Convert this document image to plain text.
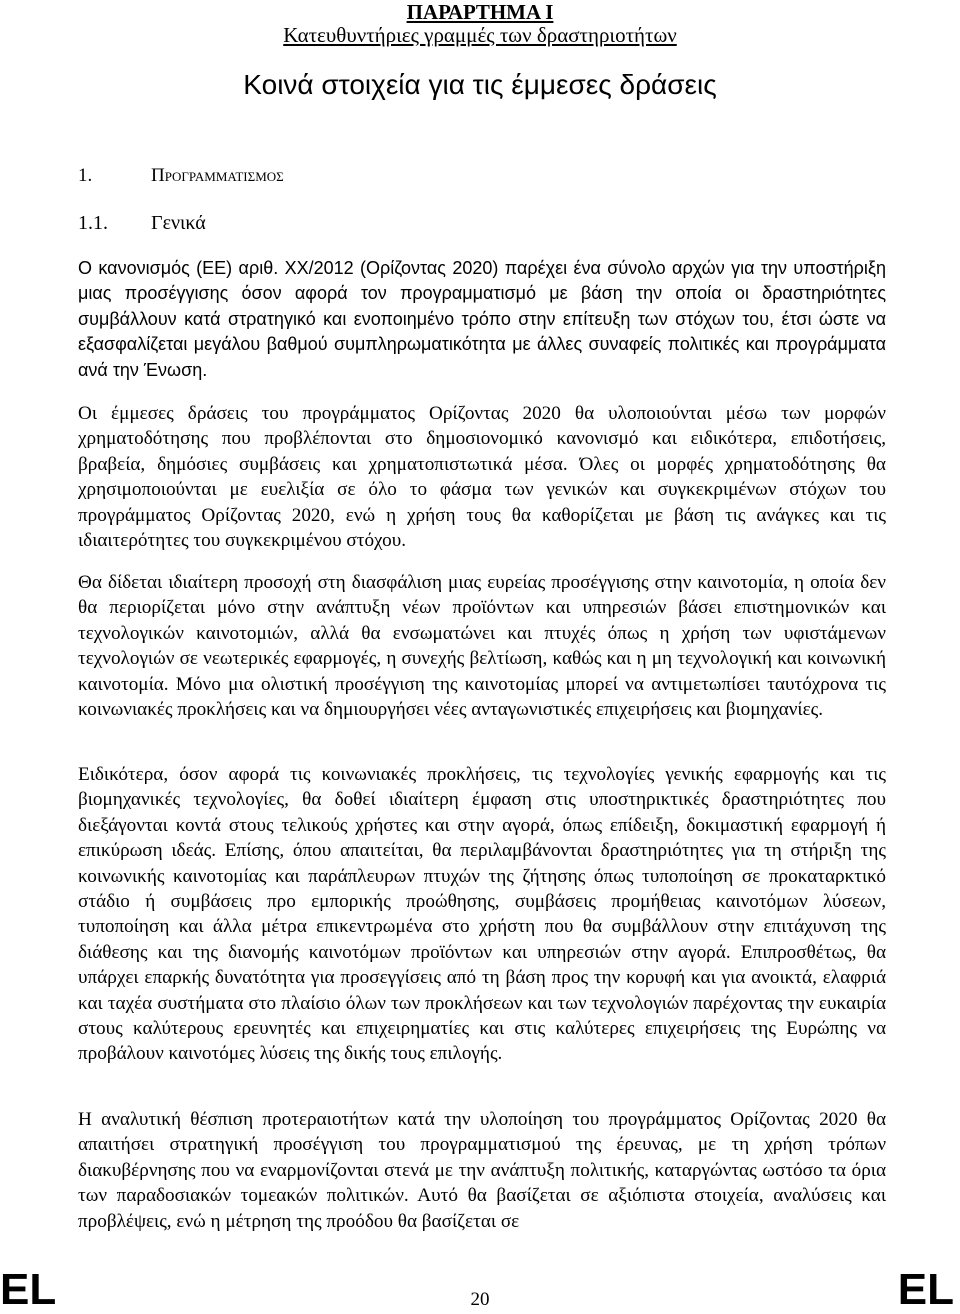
ΠΑΡΑΡΤΗΜΑ I
Κατευθυντήριες γραμμές των δραστηριοτήτων
Κοινά στοιχεία για τις έμμεσες δράσεις
1.	Προγραμματισμος
1.1. Γενικά

Ο κανονισμός (ΕΕ) αριθ. XX/2012 (Ορίζοντας 2020) παρέχει ένα σύνολο αρχών για την υποστήριξη μιας προσέγγισης όσον αφορά τον προγραμματισμό με βάση την οποία οι δραστηριότητες συμβάλλουν κατά στρατηγικό και ενοποιημένο τρόπο στην επίτευξη των στόχων του, έτσι ώστε να εξασφαλίζεται μεγάλου βαθμού συμπληρωματικότητα με άλλες συναφείς πολιτικές και προγράμματα ανά την Ένωση.

Οι έμμεσες δράσεις του προγράμματος Ορίζοντας 2020 θα υλοποιούνται μέσω των μορφών χρηματοδότησης που προβλέπονται στο δημοσιονομικό κανονισμό και ειδικότερα, επιδοτήσεις, βραβεία, δημόσιες συμβάσεις και χρηματοπιστωτικά μέσα. Όλες οι μορφές χρηματοδότησης θα χρησιμοποιούνται με ευελιξία σε όλο το φάσμα των γενικών και συγκεκριμένων στόχων του προγράμματος Ορίζοντας 2020, ενώ η χρήση τους θα καθορίζεται με βάση τις ανάγκες και τις ιδιαιτερότητες του συγκεκριμένου στόχου.

Θα δίδεται ιδιαίτερη προσοχή στη διασφάλιση μιας ευρείας προσέγγισης στην καινοτομία, η οποία δεν θα περιορίζεται μόνο στην ανάπτυξη νέων προϊόντων και υπηρεσιών βάσει επιστημονικών και τεχνολογικών καινοτομιών, αλλά θα ενσωματώνει και πτυχές όπως η χρήση των υφιστάμενων τεχνολογιών σε νεωτερικές εφαρμογές, η συνεχής βελτίωση, καθώς και η μη τεχνολογική και κοινωνική καινοτομία. Μόνο μια ολιστική προσέγγιση της καινοτομίας μπορεί να αντιμετωπίσει ταυτόχρονα τις κοινωνιακές προκλήσεις και να δημιουργήσει νέες ανταγωνιστικές επιχειρήσεις και βιομηχανίες.

Ειδικότερα, όσον αφορά τις κοινωνιακές προκλήσεις, τις τεχνολογίες γενικής εφαρμογής και τις βιομηχανικές τεχνολογίες, θα δοθεί ιδιαίτερη έμφαση στις υποστηρικτικές δραστηριότητες που διεξάγονται κοντά στους τελικούς χρήστες και στην αγορά, όπως επίδειξη, δοκιμαστική εφαρμογή ή επικύρωση ιδεάς. Επίσης, όπου απαιτείται, θα περιλαμβάνονται δραστηριότητες για τη στήριξη της κοινωνικής καινοτομίας και παράπλευρων πτυχών της ζήτησης όπως τυποποίηση σε προκαταρκτικό στάδιο ή συμβάσεις προ εμπορικής προώθησης, συμβάσεις προμήθειας καινοτόμων λύσεων, τυποποίηση και άλλα μέτρα επικεντρωμένα στο χρήστη που θα συμβάλλουν στην επιτάχυνση της διάθεσης και της διανομής καινοτόμων προϊόντων και υπηρεσιών στην αγορά. Επιπροσθέτως, θα υπάρχει επαρκής δυνατότητα για προσεγγίσεις από τη βάση προς την κορυφή και για ανοικτά, ελαφριά και ταχέα συστήματα στο πλαίσιο όλων των προκλήσεων και των τεχνολογιών παρέχοντας την ευκαιρία στους καλύτερους ερευνητές και επιχειρηματίες και στις καλύτερες επιχειρήσεις της Ευρώπης να προβάλουν καινοτόμες λύσεις της δικής τους επιλογής.

Η αναλυτική θέσπιση προτεραιοτήτων κατά την υλοποίηση του προγράμματος Ορίζοντας 2020 θα απαιτήσει στρατηγική προσέγγιση του προγραμματισμού της έρευνας, με τη χρήση τρόπων διακυβέρνησης που να εναρμονίζονται στενά με την ανάπτυξη πολιτικής, καταργώντας ωστόσο τα όρια των παραδοσιακών τομεακών πολιτικών. Αυτό θα βασίζεται σε αξιόπιστα στοιχεία, αναλύσεις και προβλέψεις, ενώ η μέτρηση της προόδου θα βασίζεται σε

EL	20	EL
